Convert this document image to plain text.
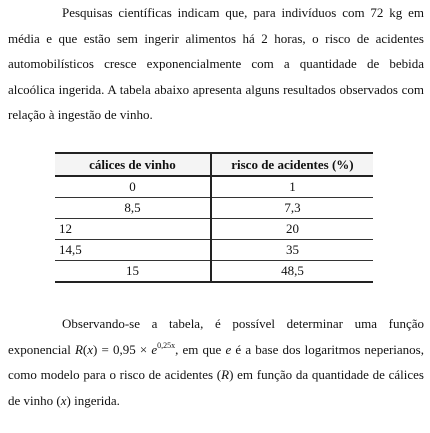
Pesquisas científicas indicam que, para indivíduos com 72 kg em média e que estão sem ingerir alimentos há 2 horas, o risco de acidentes automobilísticos cresce exponencialmente com a quantidade de bebida alcoólica ingerida. A tabela abaixo apresenta alguns resultados observados com relação à ingestão de vinho.

cálices de vinho	risco de acidentes (%)
0	1
8,5	7,3
12	20
14,5	35
15	48,5

Observando-se a tabela, é possível determinar uma função exponencial $R(x) = 0,95 \times e^{0,25x}$, em que e é a base dos logaritmos neperianos, como modelo para o risco de acidentes (R) em função da quantidade de cálices de vinho (x) ingerida.
